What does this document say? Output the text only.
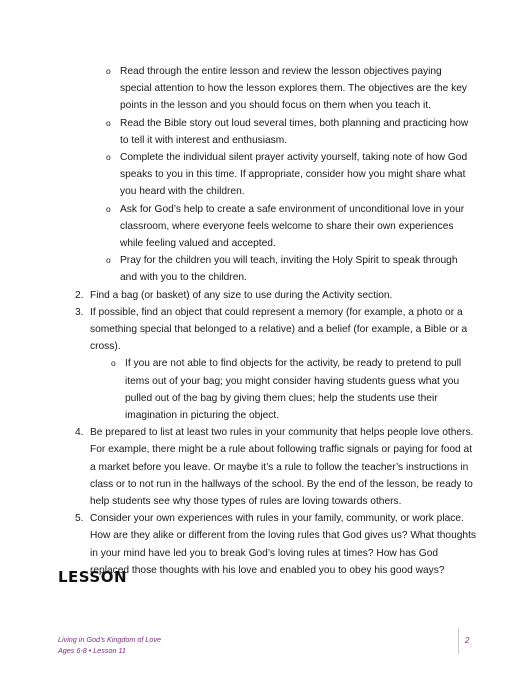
o Read through the entire lesson and review the lesson objectives paying special attention to how the lesson explores them. The objectives are the key points in the lesson and you should focus on them when you teach it.
o Read the Bible story out loud several times, both planning and practicing how to tell it with interest and enthusiasm.
o Complete the individual silent prayer activity yourself, taking note of how God speaks to you in this time. If appropriate, consider how you might share what you heard with the children.
o Ask for God’s help to create a safe environment of unconditional love in your classroom, where everyone feels welcome to share their own experiences while feeling valued and accepted.
o Pray for the children you will teach, inviting the Holy Spirit to speak through and with you to the children.
2. Find a bag (or basket) of any size to use during the Activity section.
3. If possible, find an object that could represent a memory (for example, a photo or a something special that belonged to a relative) and a belief (for example, a Bible or a cross).
o If you are not able to find objects for the activity, be ready to pretend to pull items out of your bag; you might consider having students guess what you pulled out of the bag by giving them clues; help the students use their imagination in picturing the object.
4. Be prepared to list at least two rules in your community that helps people love others. For example, there might be a rule about following traffic signals or paying for food at a market before you leave. Or maybe it’s a rule to follow the teacher’s instructions in class or to not run in the hallways of the school. By the end of the lesson, be ready to help students see why those types of rules are loving towards others.
5. Consider your own experiences with rules in your family, community, or work place. How are they alike or different from the loving rules that God gives us? What thoughts in your mind have led you to break God’s loving rules at times? How has God replaced those thoughts with his love and enabled you to obey his good ways?
LESSON
Living in God’s Kingdom of Love
Ages 6-8 • Lesson 11
2
